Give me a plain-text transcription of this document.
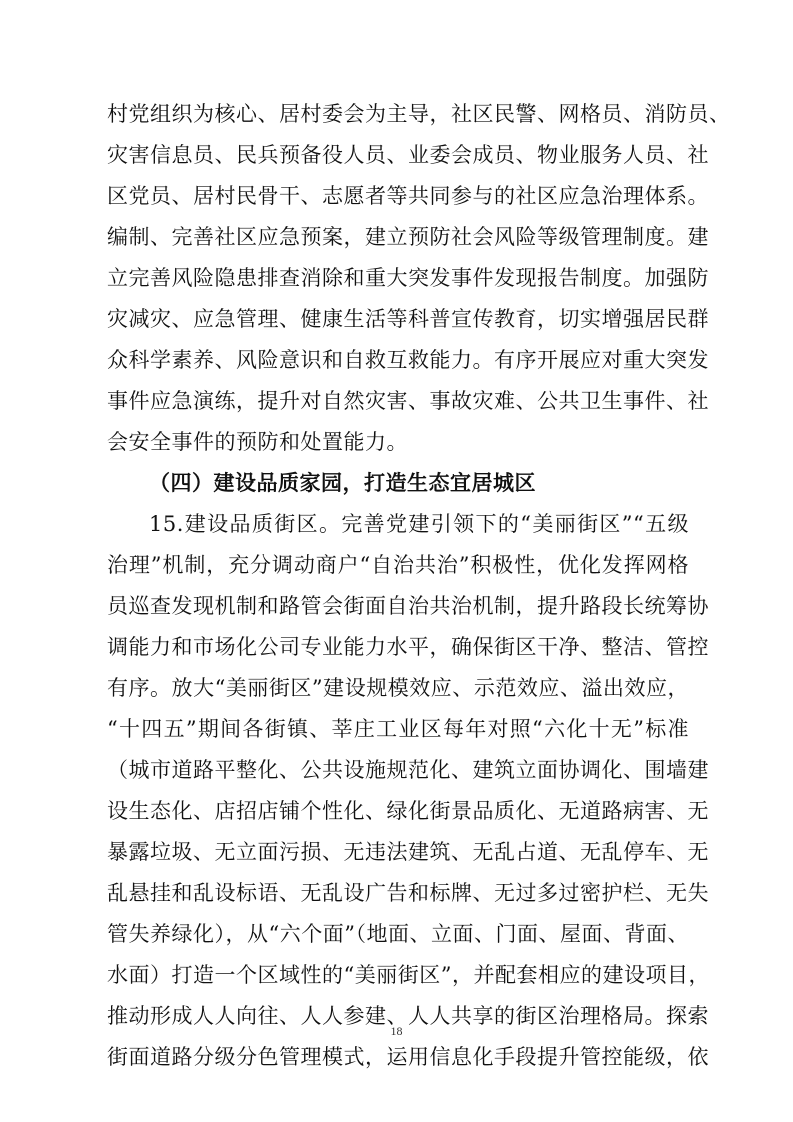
村党组织为核心、居村委会为主导，社区民警、网格员、消防员、
灾害信息员、民兵预备役人员、业委会成员、物业服务人员、社
区党员、居村民骨干、志愿者等共同参与的社区应急治理体系。
编制、完善社区应急预案，建立预防社会风险等级管理制度。建
立完善风险隐患排查消除和重大突发事件发现报告制度。加强防
灾减灾、应急管理、健康生活等科普宣传教育，切实增强居民群
众科学素养、风险意识和自救互救能力。有序开展应对重大突发
事件应急演练，提升对自然灾害、事故灾难、公共卫生事件、社
会安全事件的预防和处置能力。
（四）建设品质家园，打造生态宜居城区
15.建设品质街区。完善党建引领下的“美丽街区”“五级
治理”机制，充分调动商户“自治共治”积极性，优化发挥网格
员巡查发现机制和路管会街面自治共治机制，提升路段长统筹协
调能力和市场化公司专业能力水平，确保街区干净、整洁、管控
有序。放大“美丽街区”建设规模效应、示范效应、溢出效应，
“十四五”期间各街镇、莘庄工业区每年对照“六化十无”标准
（城市道路平整化、公共设施规范化、建筑立面协调化、围墙建
设生态化、店招店铺个性化、绿化街景品质化、无道路病害、无
暴露垃圾、无立面污损、无违法建筑、无乱占道、无乱停车、无
乱悬挂和乱设标语、无乱设广告和标牌、无过多过密护栏、无失
管失养绿化），从“六个面”（地面、立面、门面、屋面、背面、
水面）打造一个区域性的“美丽街区”，并配套相应的建设项目，
推动形成人人向往、人人参建、人人共享的街区治理格局。探索
街面道路分级分色管理模式，运用信息化手段提升管控能级，依
18
